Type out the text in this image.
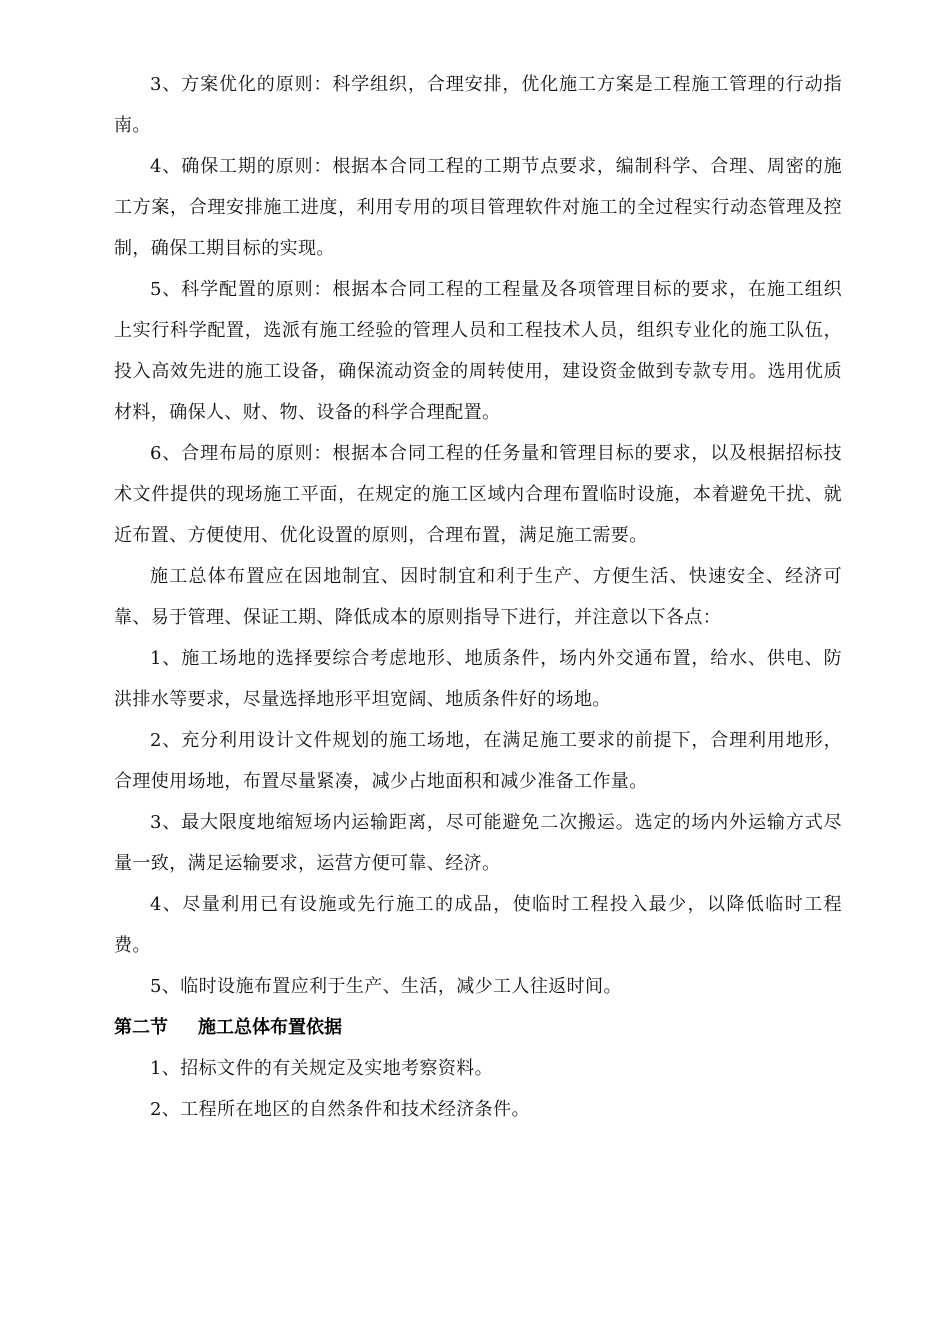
3、方案优化的原则：科学组织，合理安排，优化施工方案是工程施工管理的行动指南。

4、确保工期的原则：根据本合同工程的工期节点要求，编制科学、合理、周密的施工方案，合理安排施工进度，利用专用的项目管理软件对施工的全过程实行动态管理及控制，确保工期目标的实现。

5、科学配置的原则：根据本合同工程的工程量及各项管理目标的要求，在施工组织上实行科学配置，选派有施工经验的管理人员和工程技术人员，组织专业化的施工队伍，投入高效先进的施工设备，确保流动资金的周转使用，建设资金做到专款专用。选用优质材料，确保人、财、物、设备的科学合理配置。

6、合理布局的原则：根据本合同工程的任务量和管理目标的要求，以及根据招标技术文件提供的现场施工平面，在规定的施工区域内合理布置临时设施，本着避免干扰、就近布置、方便使用、优化设置的原则，合理布置，满足施工需要。

施工总体布置应在因地制宜、因时制宜和利于生产、方便生活、快速安全、经济可靠、易于管理、保证工期、降低成本的原则指导下进行，并注意以下各点：

1、施工场地的选择要综合考虑地形、地质条件，场内外交通布置，给水、供电、防洪排水等要求，尽量选择地形平坦宽阔、地质条件好的场地。

2、充分利用设计文件规划的施工场地，在满足施工要求的前提下，合理利用地形，合理使用场地，布置尽量紧凑，减少占地面积和减少准备工作量。

3、最大限度地缩短场内运输距离，尽可能避免二次搬运。选定的场内外运输方式尽量一致，满足运输要求，运营方便可靠、经济。

4、尽量利用已有设施或先行施工的成品，使临时工程投入最少，以降低临时工程费。

5、临时设施布置应利于生产、生活，减少工人往返时间。

第二节 施工总体布置依据

1、招标文件的有关规定及实地考察资料。

2、工程所在地区的自然条件和技术经济条件。
